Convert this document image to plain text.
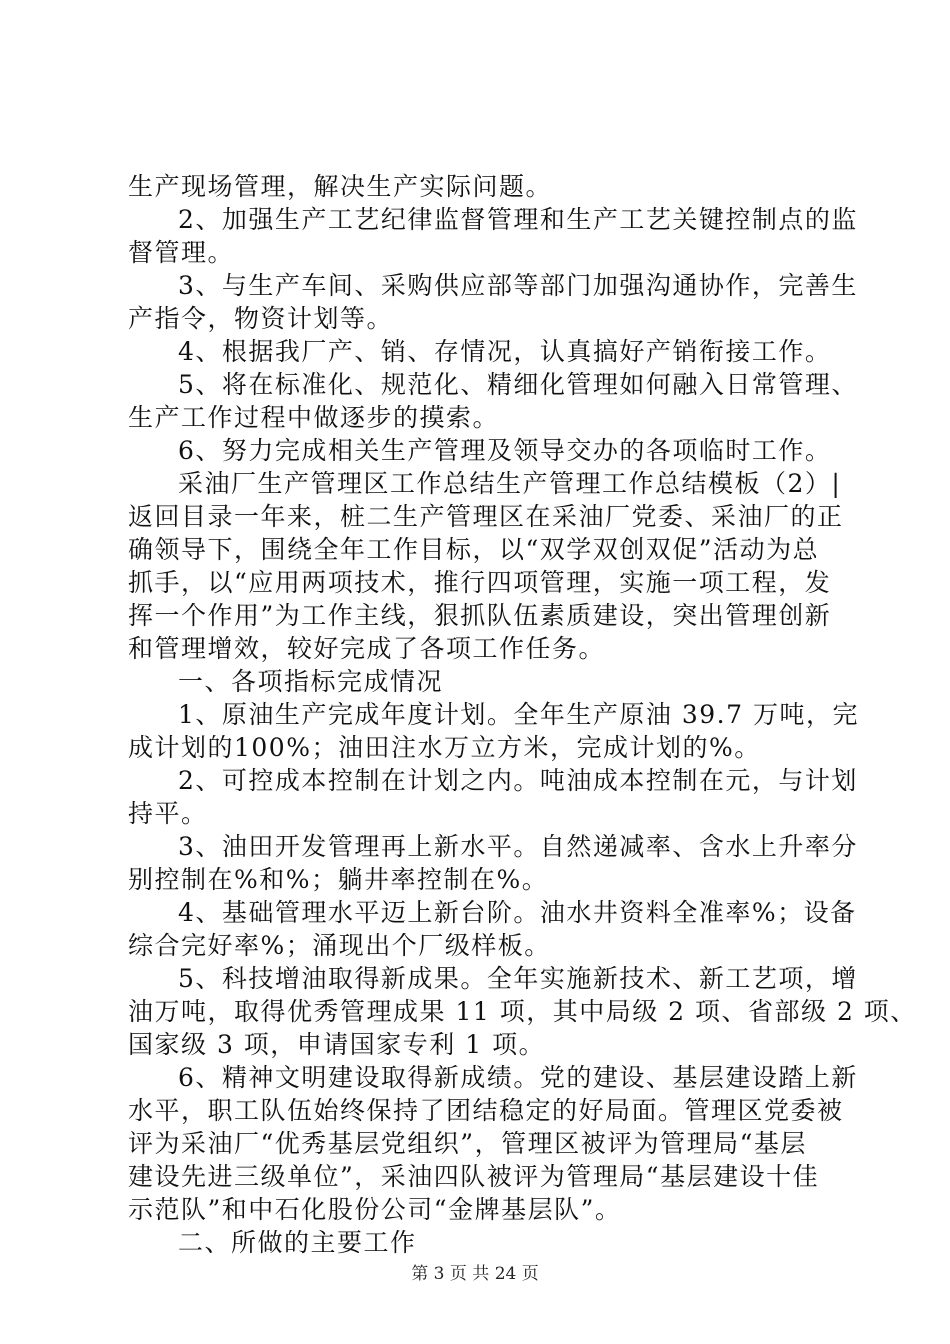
生产现场管理，解决生产实际问题。
2、加强生产工艺纪律监督管理和生产工艺关键控制点的监
督管理。
3、与生产车间、采购供应部等部门加强沟通协作，完善生
产指令，物资计划等。
4、根据我厂产、销、存情况，认真搞好产销衔接工作。
5、将在标准化、规范化、精细化管理如何融入日常管理、
生产工作过程中做逐步的摸索。
6、努力完成相关生产管理及领导交办的各项临时工作。
采油厂生产管理区工作总结生产管理工作总结模板（2）|
返回目录一年来，桩二生产管理区在采油厂党委、采油厂的正
确领导下，围绕全年工作目标，以“双学双创双促”活动为总
抓手，以“应用两项技术，推行四项管理，实施一项工程，发
挥一个作用”为工作主线，狠抓队伍素质建设，突出管理创新
和管理增效，较好完成了各项工作任务。
一、各项指标完成情况
1、原油生产完成年度计划。全年生产原油 39.7 万吨，完
成计划的100%；油田注水万立方米，完成计划的%。
2、可控成本控制在计划之内。吨油成本控制在元，与计划
持平。
3、油田开发管理再上新水平。自然递减率、含水上升率分
别控制在%和%；躺井率控制在%。
4、基础管理水平迈上新台阶。油水井资料全准率%；设备
综合完好率%；涌现出个厂级样板。
5、科技增油取得新成果。全年实施新技术、新工艺项，增
油万吨，取得优秀管理成果 11 项，其中局级 2 项、省部级 2 项、
国家级 3 项，申请国家专利 1 项。
6、精神文明建设取得新成绩。党的建设、基层建设踏上新
水平，职工队伍始终保持了团结稳定的好局面。管理区党委被
评为采油厂“优秀基层党组织”，管理区被评为管理局“基层
建设先进三级单位”，采油四队被评为管理局“基层建设十佳
示范队”和中石化股份公司“金牌基层队”。
二、所做的主要工作
第 3 页 共 24 页
